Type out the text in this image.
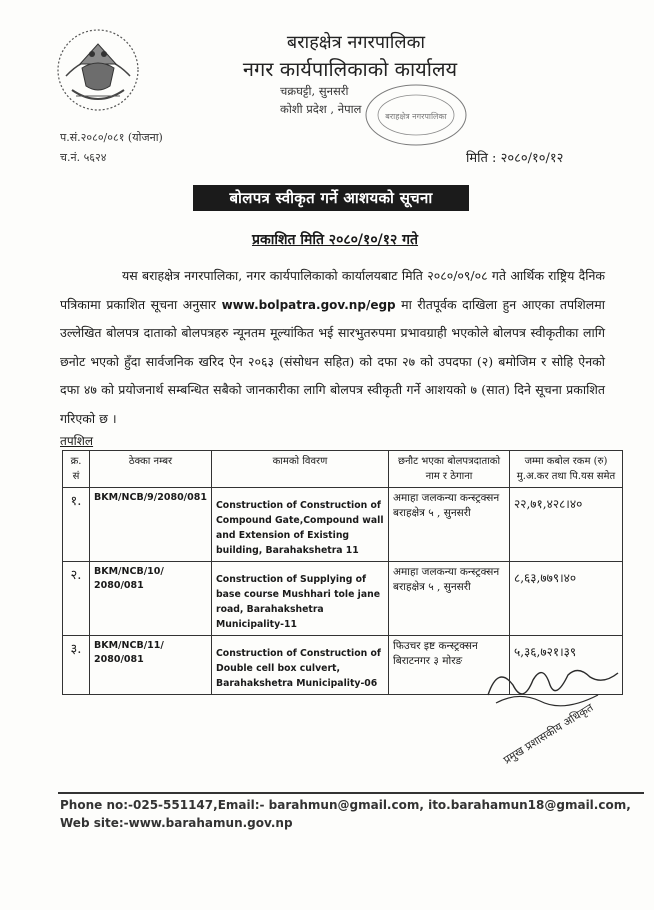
बराहक्षेत्र नगरपालिका
नगर कार्यपालिकाको कार्यालय
चक्रघट्टी, सुनसरी
कोशी प्रदेश , नेपाल
बराहक्षेत्र नगरपालिका
प.सं.२०८०/०८१ (योजना)
च.नं. ५६२४	मिति : २०८०/१०/१२
बोलपत्र स्वीकृत गर्ने आशयको सूचना
प्रकाशित मिति २०८०/१०/१२ गते
यस बराहक्षेत्र नगरपालिका, नगर कार्यपालिकाको कार्यालयबाट मिति २०८०/०९/०८ गते आर्थिक राष्ट्रिय दैनिक पत्रिकामा प्रकाशित सूचना अनुसार www.bolpatra.gov.np/egp मा रीतपूर्वक दाखिला हुन आएका तपशिलमा उल्लेखित बोलपत्र दाताको बोलपत्रहरु न्यूनतम मूल्यांकित भई सारभुतरुपमा प्रभावग्राही भएकोले बोलपत्र स्वीकृतीका लागि छनोट भएको हुँदा सार्वजनिक खरिद ऐन २०६३ (संसोधन सहित) को दफा २७ को उपदफा (२) बमोजिम र सोहि ऐनको दफा ४७ को प्रयोजनार्थ सम्बन्धित सबैको जानकारीका लागि बोलपत्र स्वीकृती गर्ने आशयको ७ (सात) दिने सूचना प्रकाशित गरिएको छ ।
तपशिल
क्र. सं	ठेक्का नम्बर	कामको विवरण	छनौट भएका बोलपत्रदाताको नाम र ठेगाना	जम्मा कबोल रकम (रु) मु.अ.कर तथा पि.यस समेत
१.	BKM/NCB/9/2080/081	Construction of Construction of Compound Gate,Compound wall and Extension of Existing building, Barahakshetra 11	अमाहा जलकन्या कन्स्ट्रक्सन बराहक्षेत्र ५ , सुनसरी	२२,७१,४२८।४०
२.	BKM/NCB/10/ 2080/081	Construction of Supplying of base course Mushhari tole jane road, Barahakshetra Municipality-11	अमाहा जलकन्या कन्स्ट्रक्सन बराहक्षेत्र ५ , सुनसरी	८,६३,७७९।४०
३.	BKM/NCB/11/ 2080/081	Construction of Construction of Double cell box culvert, Barahakshetra Municipality-06	फिउचर इष्ट कन्स्ट्रक्सन बिराटनगर ३ मोरङ	५,३६,७२१।३९
प्रमुख प्रशासकीय अधिकृत
Phone no:-025-551147,Email:- barahmun@gmail.com, ito.barahamun18@gmail.com,
Web site:-www.barahamun.gov.np
